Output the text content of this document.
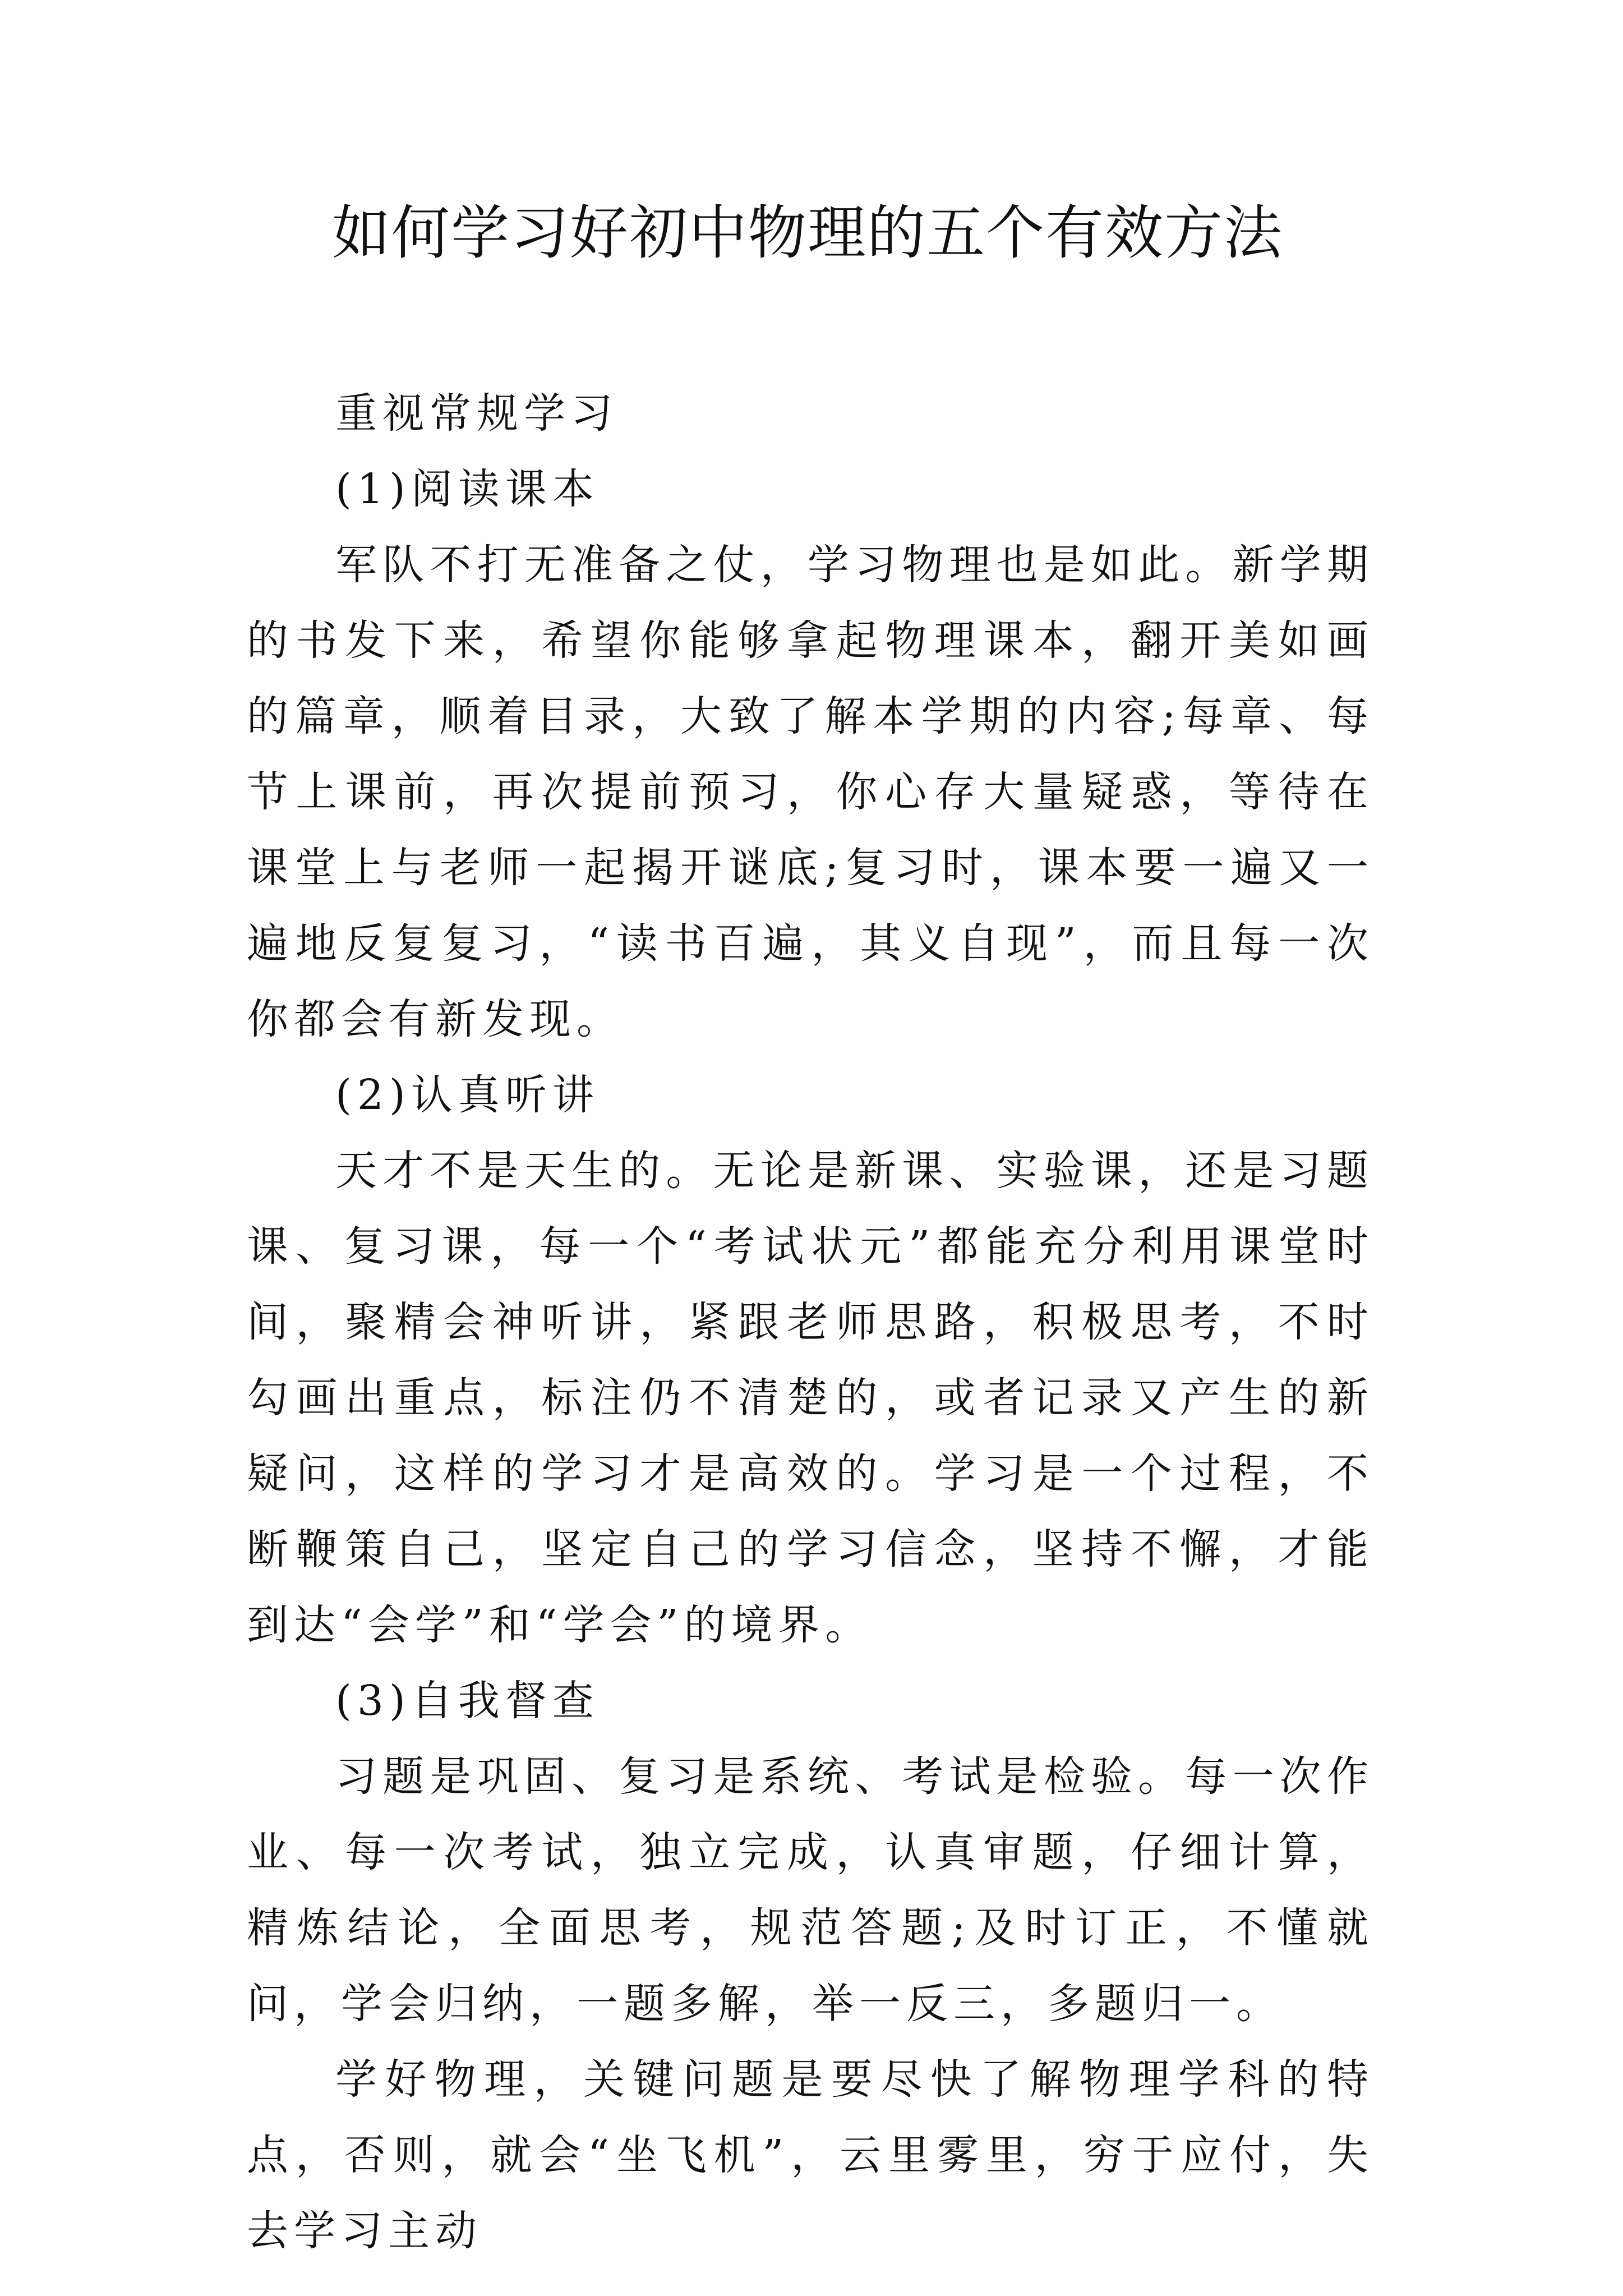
如何学习好初中物理的五个有效方法

重视常规学习

(1)阅读课本

军队不打无准备之仗，学习物理也是如此。新学期的书发下来，希望你能够拿起物理课本，翻开美如画的篇章，顺着目录，大致了解本学期的内容;每章、每节上课前，再次提前预习，你心存大量疑惑，等待在课堂上与老师一起揭开谜底;复习时，课本要一遍又一遍地反复复习，“读书百遍，其义自现”，而且每一次你都会有新发现。

(2)认真听讲

天才不是天生的。无论是新课、实验课，还是习题课、复习课，每一个“考试状元”都能充分利用课堂时间，聚精会神听讲，紧跟老师思路，积极思考，不时勾画出重点，标注仍不清楚的，或者记录又产生的新疑问，这样的学习才是高效的。学习是一个过程，不断鞭策自己，坚定自己的学习信念，坚持不懈，才能到达“会学”和“学会”的境界。

(3)自我督查

习题是巩固、复习是系统、考试是检验。每一次作业、每一次考试，独立完成，认真审题，仔细计算，精炼结论，全面思考，规范答题;及时订正，不懂就问，学会归纳，一题多解，举一反三，多题归一。

学好物理，关键问题是要尽快了解物理学科的特点，否则，就会“坐飞机”，云里雾里，穷于应付，失去学习主动
